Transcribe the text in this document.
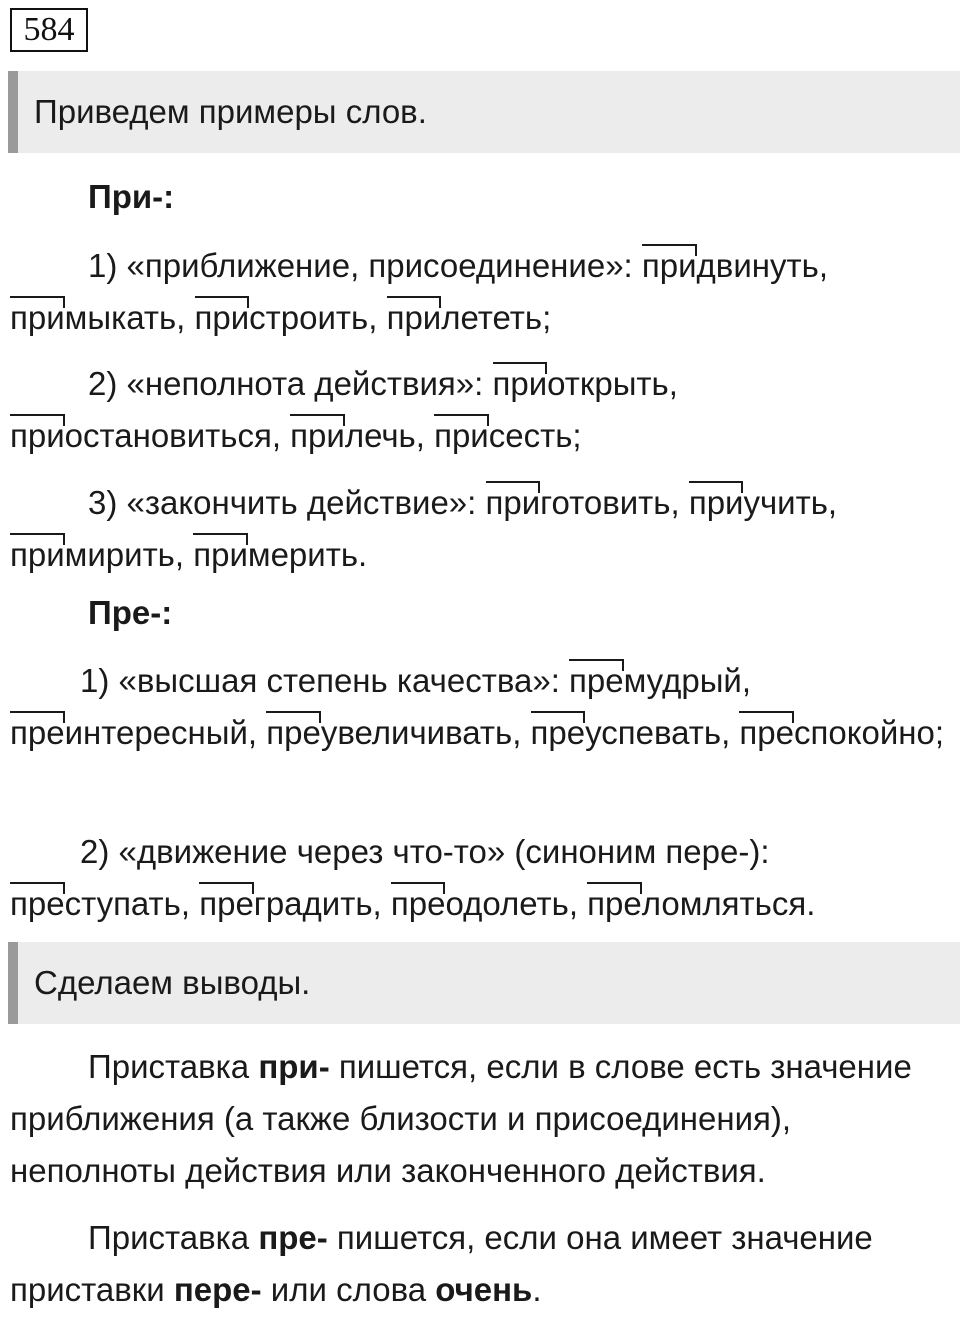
584
Приведем примеры слов.
При-:
1) «приближение, присоединение»: придвинуть, примыкать, пристроить, прилететь;
2) «неполнота действия»: приоткрыть, приостановиться, прилечь, присесть;
3) «закончить действие»: приготовить, приучить, примирить, примерить.
Пре-:
1) «высшая степень качества»: премудрый, преинтересный, преувеличивать, преуспевать, преспокойно;
2) «движение через что-то» (синоним пере-): преступать, преградить, преодолеть, преломляться.
Сделаем выводы.
Приставка при- пишется, если в слове есть значение приближения (а также близости и присоединения), неполноты действия или законченного действия.
Приставка пре- пишется, если она имеет значение приставки пере- или слова очень.
